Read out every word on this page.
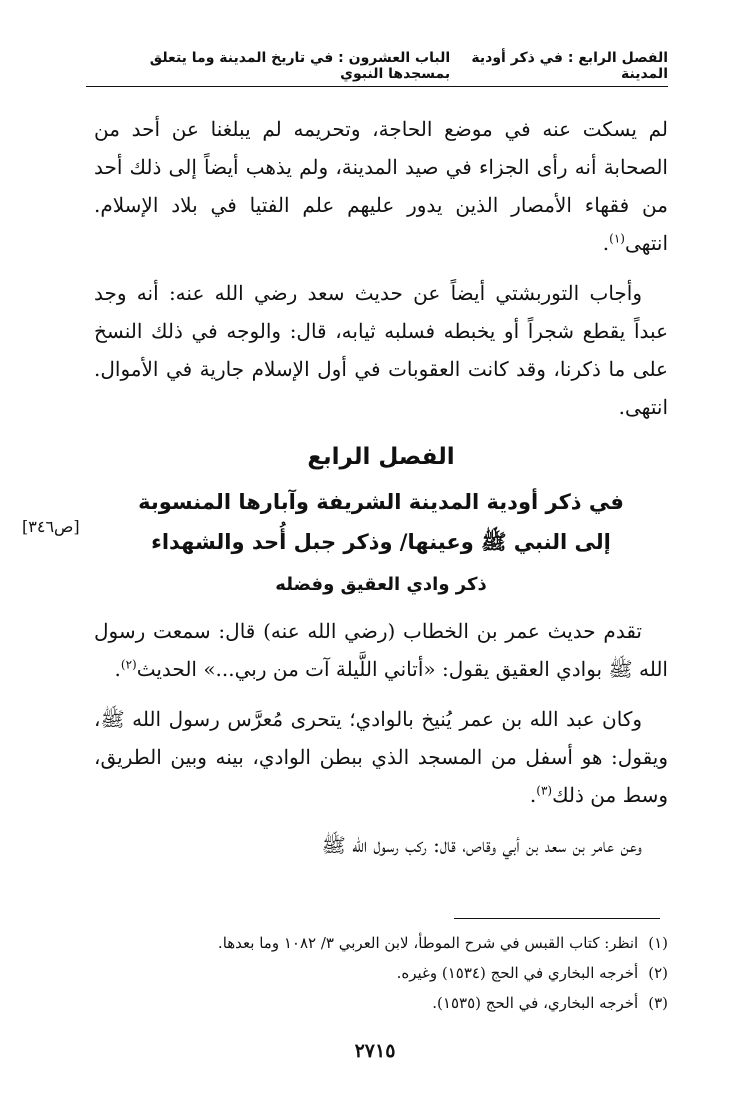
الفصل الرابع : في ذكر أودية المدينة
الباب العشرون : في تاريخ المدينة وما يتعلق بمسجدها النبوي

لم يسكت عنه في موضع الحاجة، وتحريمه لم يبلغنا عن أحد من الصحابة أنه رأى الجزاء في صيد المدينة، ولم يذهب أيضاً إلى ذلك أحد من فقهاء الأمصار الذين يدور عليهم علم الفتيا في بلاد الإسلام. انتهى$^{(١)}$.

وأجاب التوربشتي أيضاً عن حديث سعد رضي الله عنه: أنه وجد عبداً يقطع شجراً أو يخبطه فسلبه ثيابه، قال: والوجه في ذلك النسخ على ما ذكرنا، وقد كانت العقوبات في أول الإسلام جارية في الأموال. انتهى.

الفصل الرابع
في ذكر أودية المدينة الشريفة وآبارها المنسوبة
إلى النبي ﷺ وعينها/ وذكر جبل أُحد والشهداء
ذكر وادي العقيق وفضله

تقدم حديث عمر بن الخطاب (رضي الله عنه) قال: سمعت رسول الله ﷺ بوادي العقيق يقول: «أتاني اللَّيلة آت من ربي...» الحديث$^{(٢)}$.

وكان عبد الله بن عمر يُنيخ بالوادي؛ يتحرى مُعرَّس رسول الله ﷺ، ويقول: هو أسفل من المسجد الذي ببطن الوادي، بينه وبين الطريق، وسط من ذلك$^{(٣)}$.

وعن عامر بن سعد بن أبي وقاص، قال: ركب رسول الله ﷺ

[ص٣٤٦]

(١)انظر: كتاب القبس في شرح الموطأ، لابن العربي ٣/ ١٠٨٢ وما بعدها.

(٢)أخرجه البخاري في الحج (١٥٣٤) وغيره.

(٣)أخرجه البخاري، في الحج (١٥٣٥).

٢٧١٥
